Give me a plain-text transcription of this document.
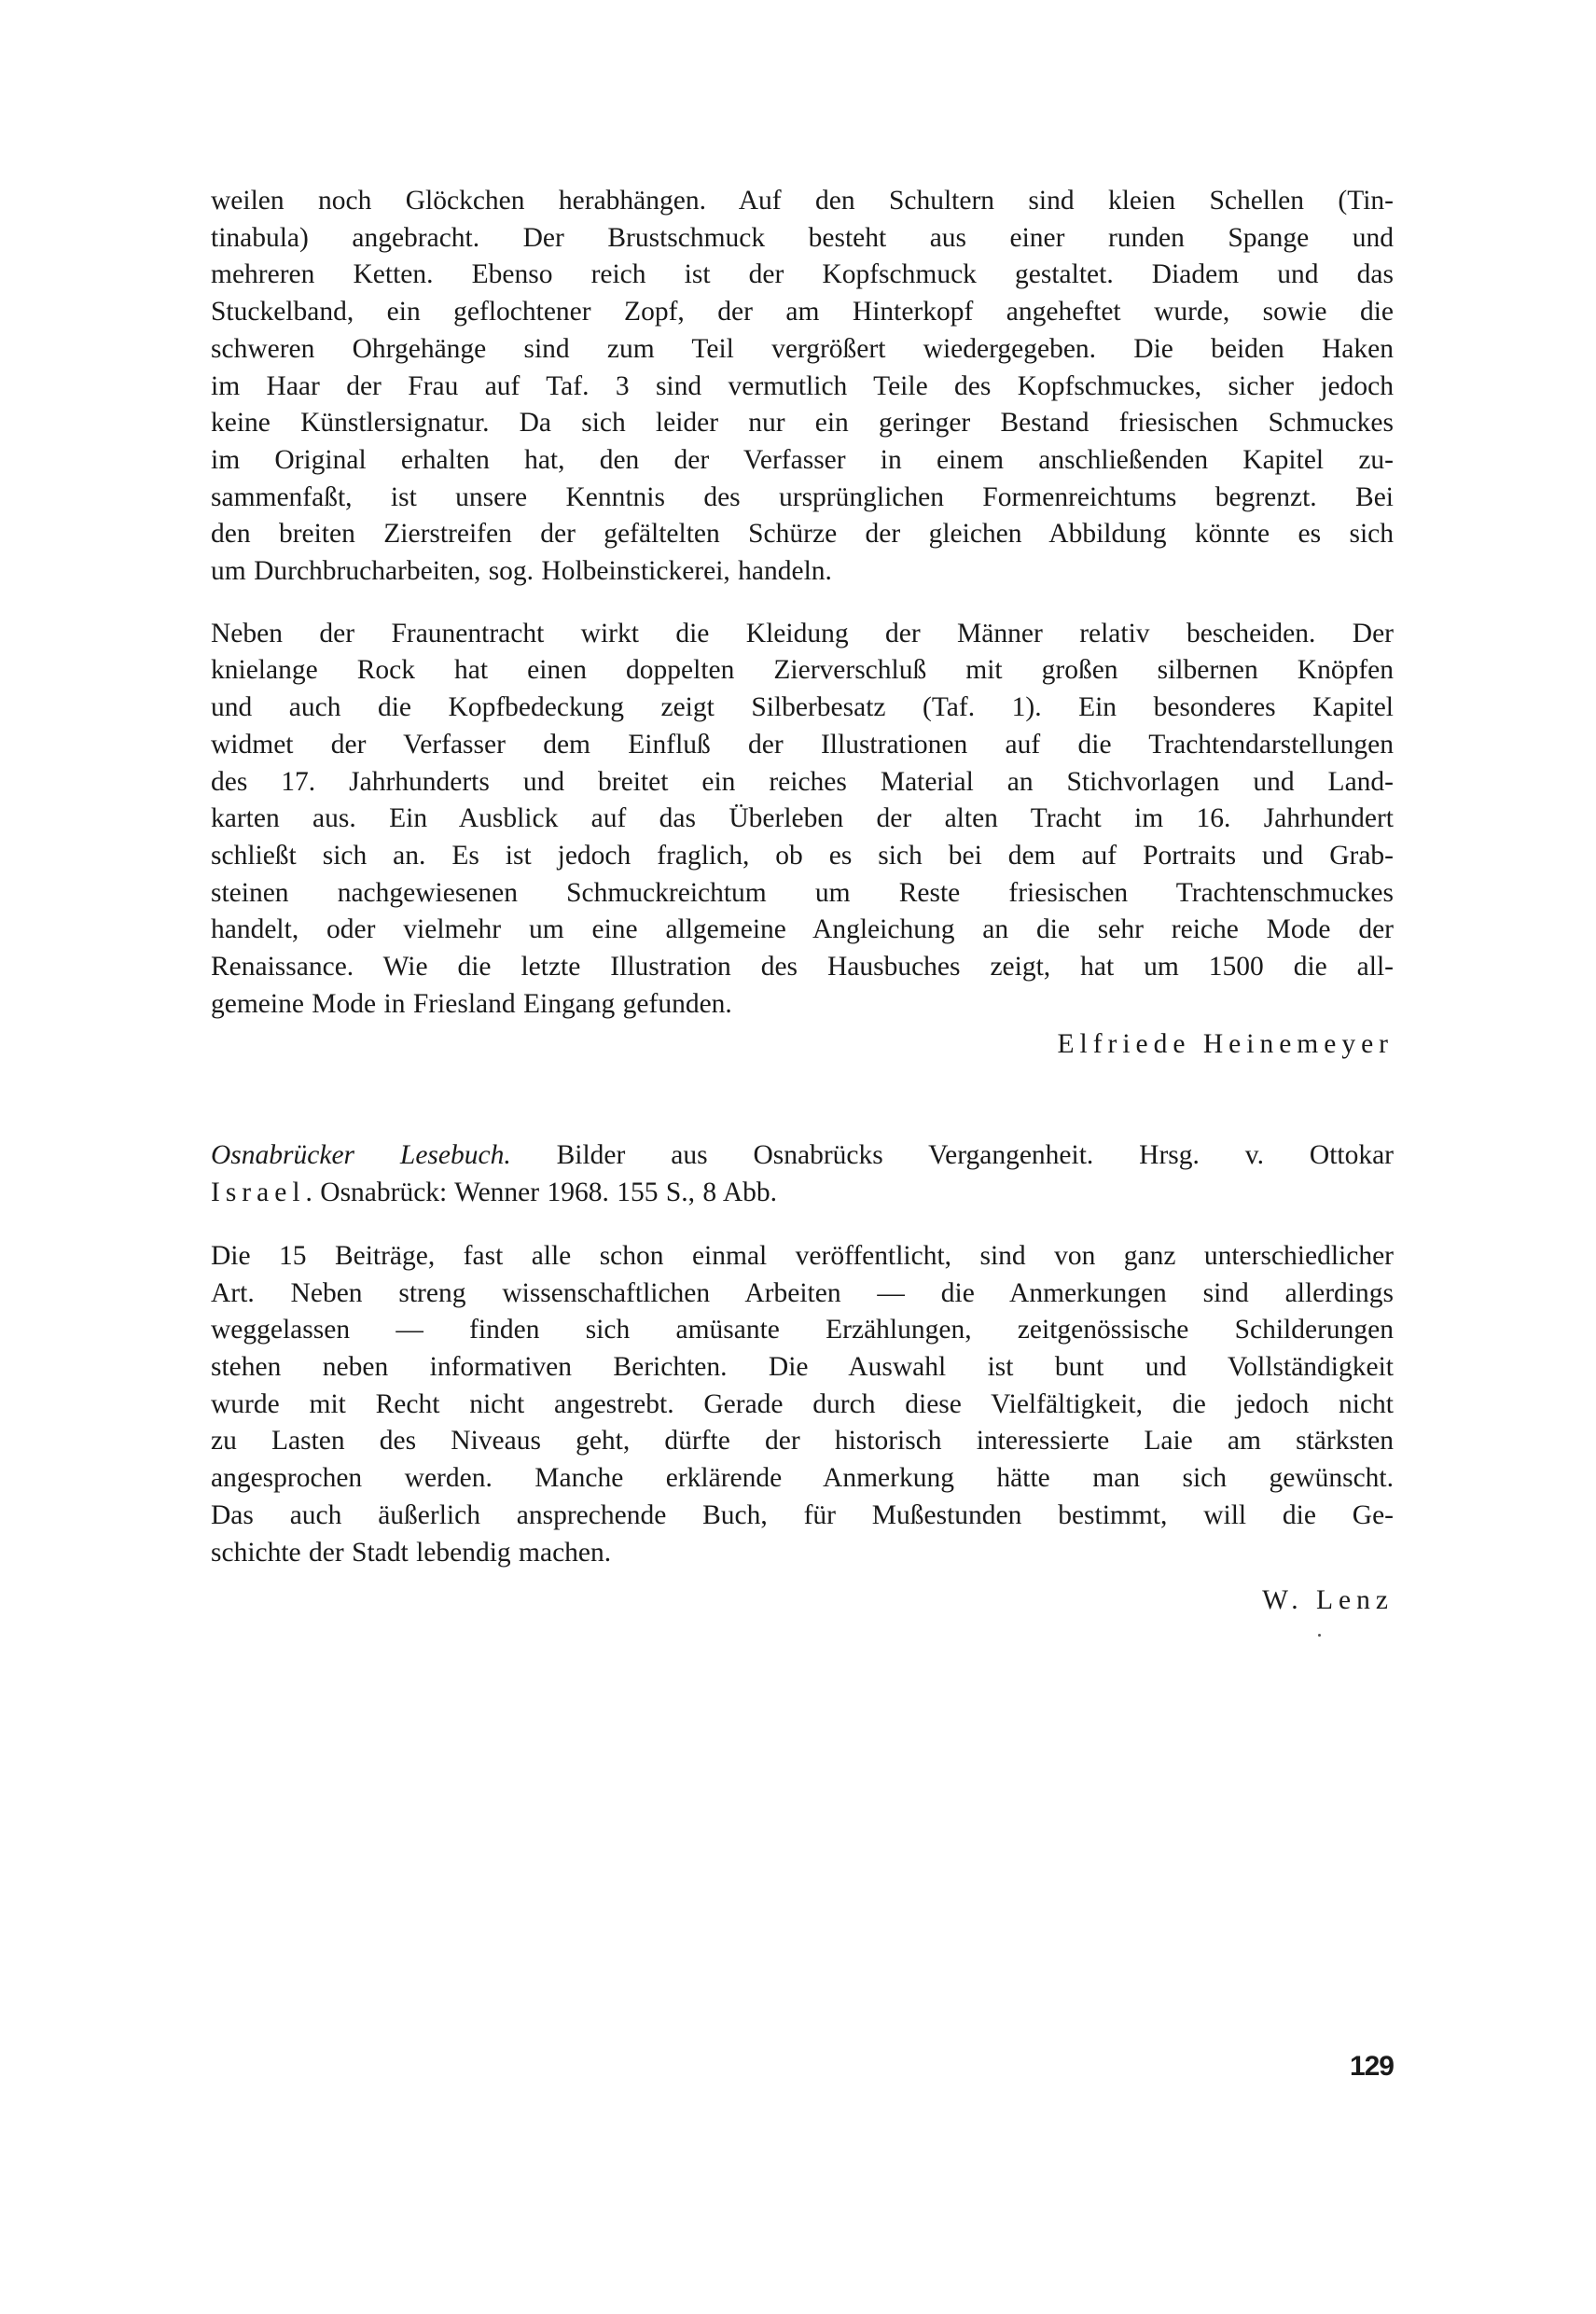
weilen noch Glöckchen herabhängen. Auf den Schultern sind kleien Schellen (Tin-
tinabula) angebracht. Der Brustschmuck besteht aus einer runden Spange und
mehreren Ketten. Ebenso reich ist der Kopfschmuck gestaltet. Diadem und das
Stuckelband, ein geflochtener Zopf, der am Hinterkopf angeheftet wurde, sowie die
schweren Ohrgehänge sind zum Teil vergrößert wiedergegeben. Die beiden Haken
im Haar der Frau auf Taf. 3 sind vermutlich Teile des Kopfschmuckes, sicher jedoch
keine Künstlersignatur. Da sich leider nur ein geringer Bestand friesischen Schmuckes
im Original erhalten hat, den der Verfasser in einem anschließenden Kapitel zu-
sammenfaßt, ist unsere Kenntnis des ursprünglichen Formenreichtums begrenzt. Bei
den breiten Zierstreifen der gefältelten Schürze der gleichen Abbildung könnte es sich
um Durchbrucharbeiten, sog. Holbeinstickerei, handeln.
Neben der Fraunentracht wirkt die Kleidung der Männer relativ bescheiden. Der
knielange Rock hat einen doppelten Zierverschluß mit großen silbernen Knöpfen
und auch die Kopfbedeckung zeigt Silberbesatz (Taf. 1). Ein besonderes Kapitel
widmet der Verfasser dem Einfluß der Illustrationen auf die Trachtendarstellungen
des 17. Jahrhunderts und breitet ein reiches Material an Stichvorlagen und Land-
karten aus. Ein Ausblick auf das Überleben der alten Tracht im 16. Jahrhundert
schließt sich an. Es ist jedoch fraglich, ob es sich bei dem auf Portraits und Grab-
steinen nachgewiesenen Schmuckreichtum um Reste friesischen Trachtenschmuckes
handelt, oder vielmehr um eine allgemeine Angleichung an die sehr reiche Mode der
Renaissance. Wie die letzte Illustration des Hausbuches zeigt, hat um 1500 die all-
gemeine Mode in Friesland Eingang gefunden.

Elfriede Heinemeyer

Osnabrücker Lesebuch. Bilder aus Osnabrücks Vergangenheit. Hrsg. v. Ottokar
Israel. Osnabrück: Wenner 1968. 155 S., 8 Abb.
Die 15 Beiträge, fast alle schon einmal veröffentlicht, sind von ganz unterschiedlicher
Art. Neben streng wissenschaftlichen Arbeiten — die Anmerkungen sind allerdings
weggelassen — finden sich amüsante Erzählungen, zeitgenössische Schilderungen
stehen neben informativen Berichten. Die Auswahl ist bunt und Vollständigkeit
wurde mit Recht nicht angestrebt. Gerade durch diese Vielfältigkeit, die jedoch nicht
zu Lasten des Niveaus geht, dürfte der historisch interessierte Laie am stärksten
angesprochen werden. Manche erklärende Anmerkung hätte man sich gewünscht.
Das auch äußerlich ansprechende Buch, für Mußestunden bestimmt, will die Ge-
schichte der Stadt lebendig machen.

W. Lenz

129
